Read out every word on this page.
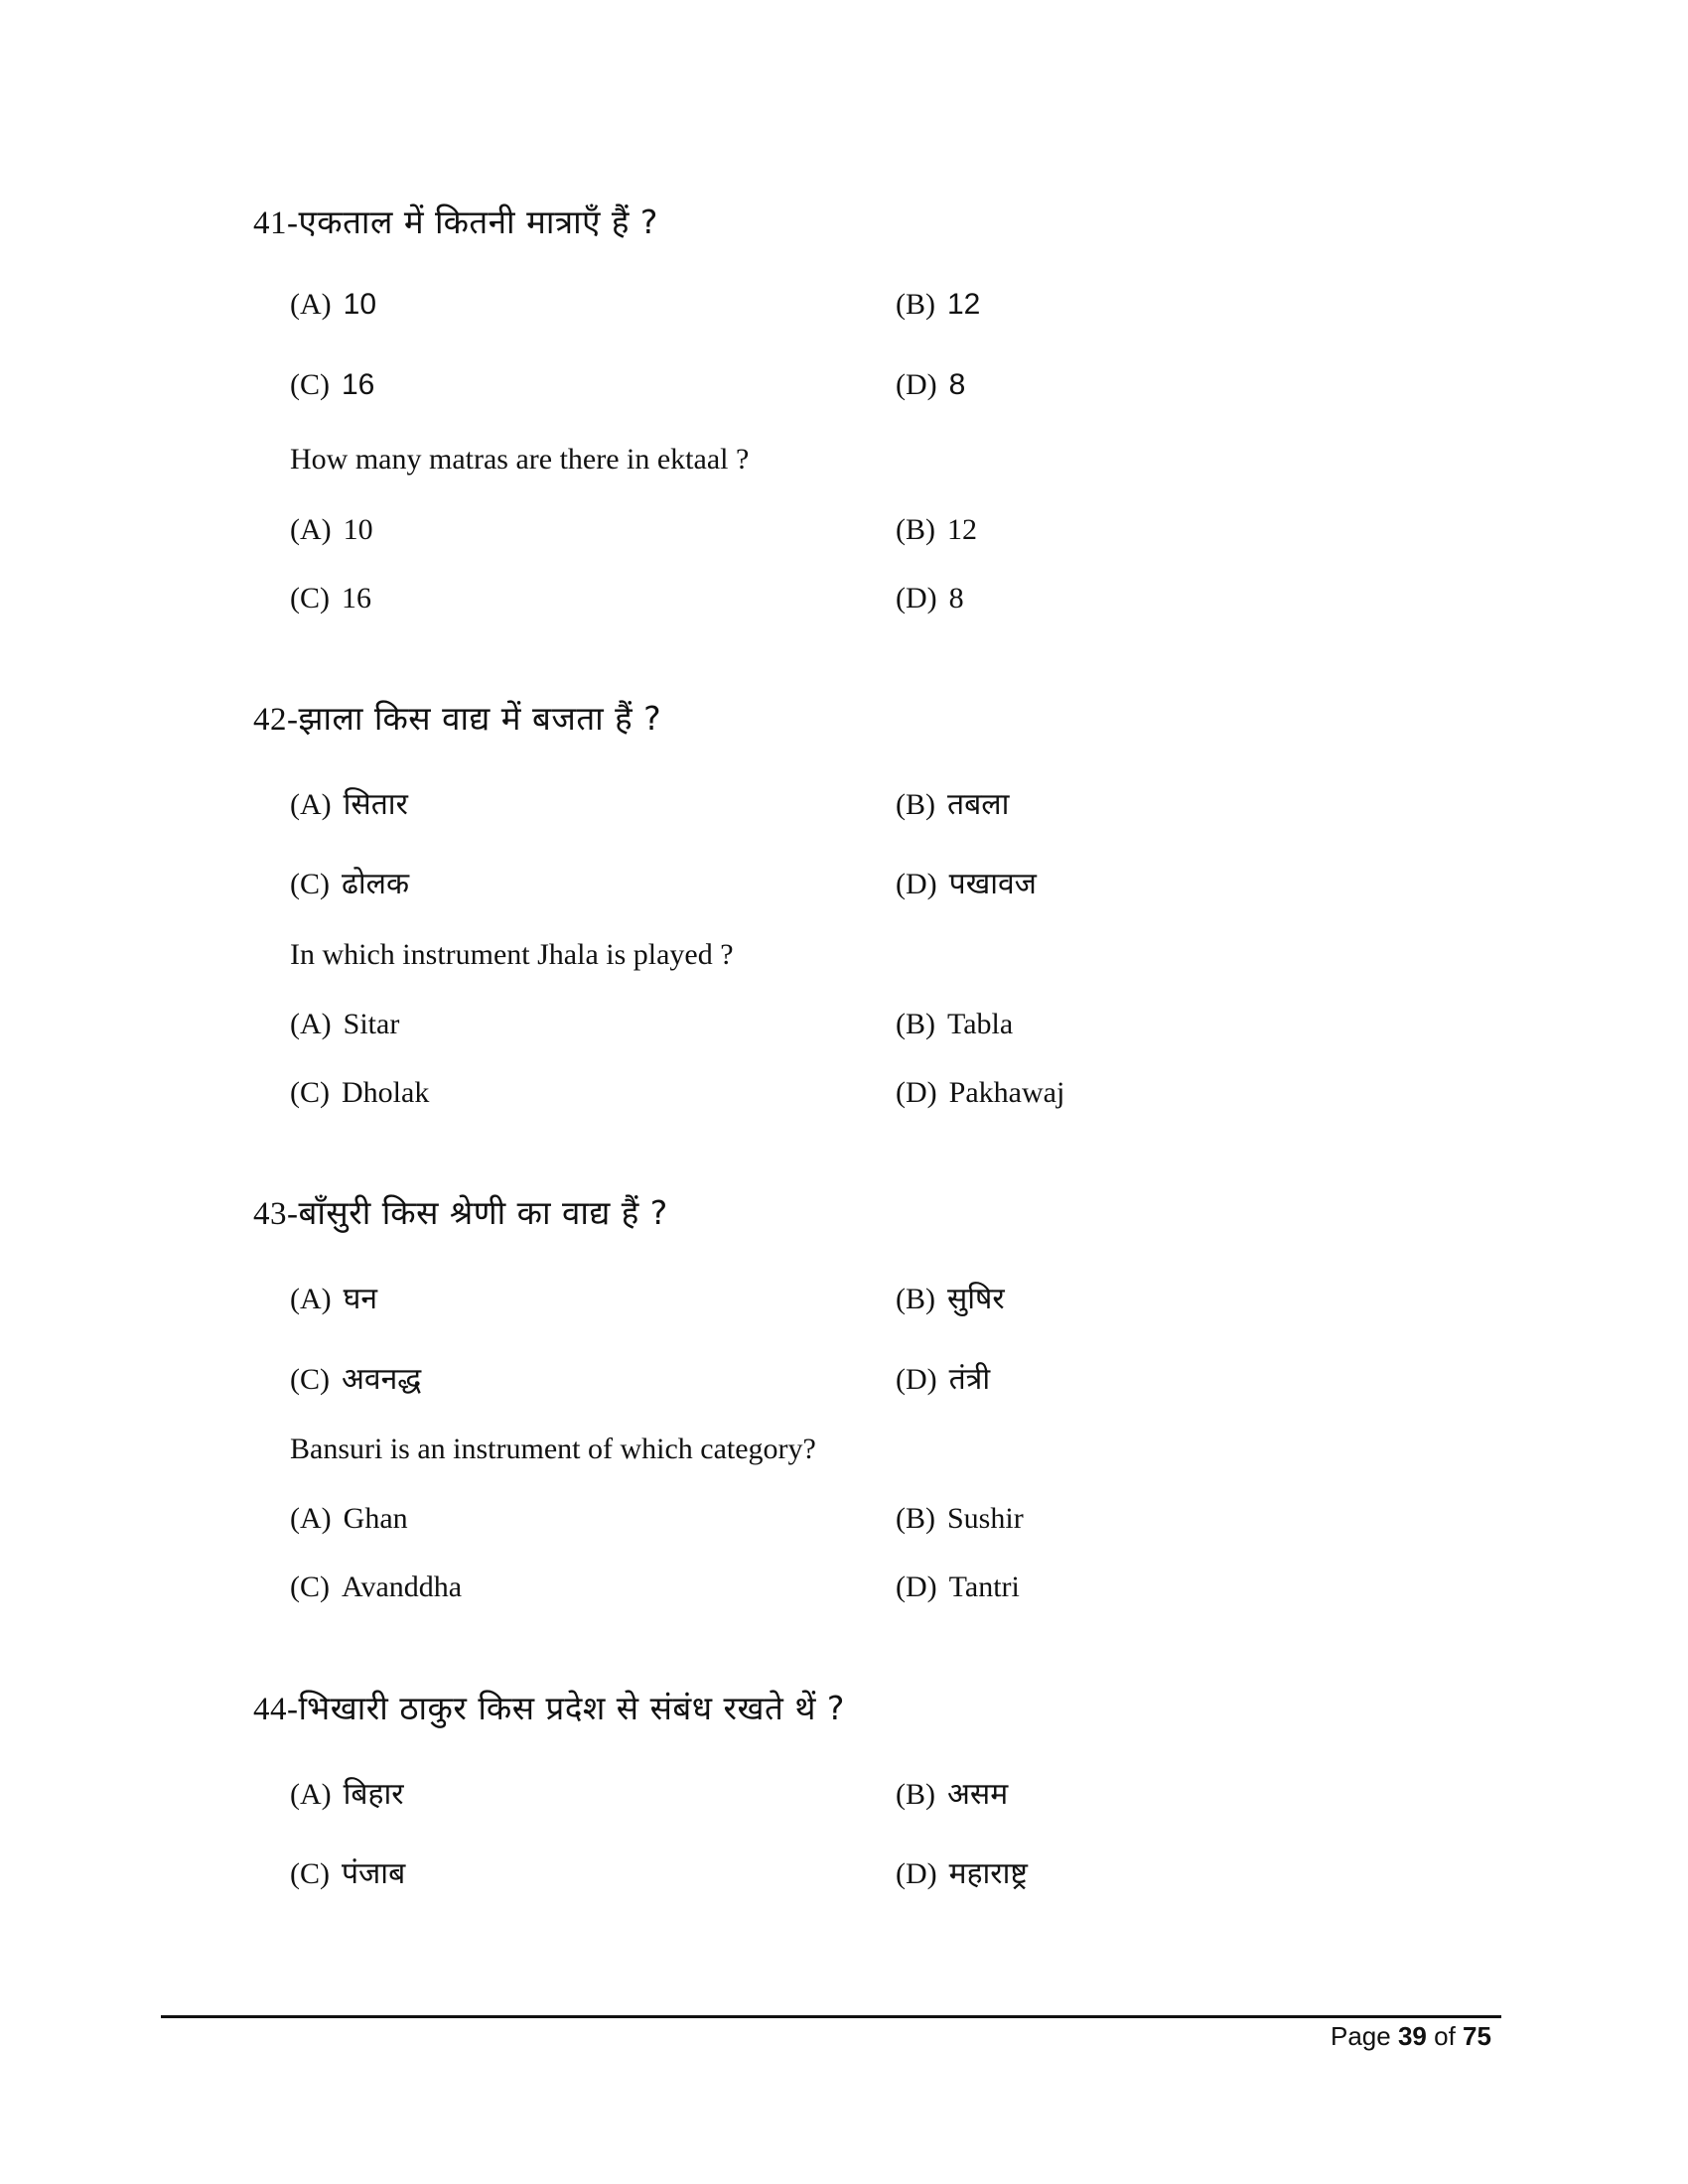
41-एकताल में कितनी मात्राएँ हैं ?
(A) 10	(B) 12
(C) 16	(D) 8
How many matras are there in ektaal ?
(A) 10	(B) 12
(C) 16	(D) 8
42-झाला किस वाद्य में बजता हैं ?
(A) सितार	(B) तबला
(C) ढोलक	(D) पखावज
In which instrument Jhala is played ?
(A) Sitar	(B) Tabla
(C) Dholak	(D) Pakhawaj
43-बाँसुरी किस श्रेणी का वाद्य हैं ?
(A) घन	(B) सुषिर
(C) अवनद्ध	(D) तंत्री
Bansuri is an instrument of which category?
(A) Ghan	(B) Sushir
(C) Avanddha	(D) Tantri
44-भिखारी ठाकुर किस प्रदेश से संबंध रखते थें ?
(A) बिहार	(B) असम
(C) पंजाब	(D) महाराष्ट्र
Page 39 of 75
